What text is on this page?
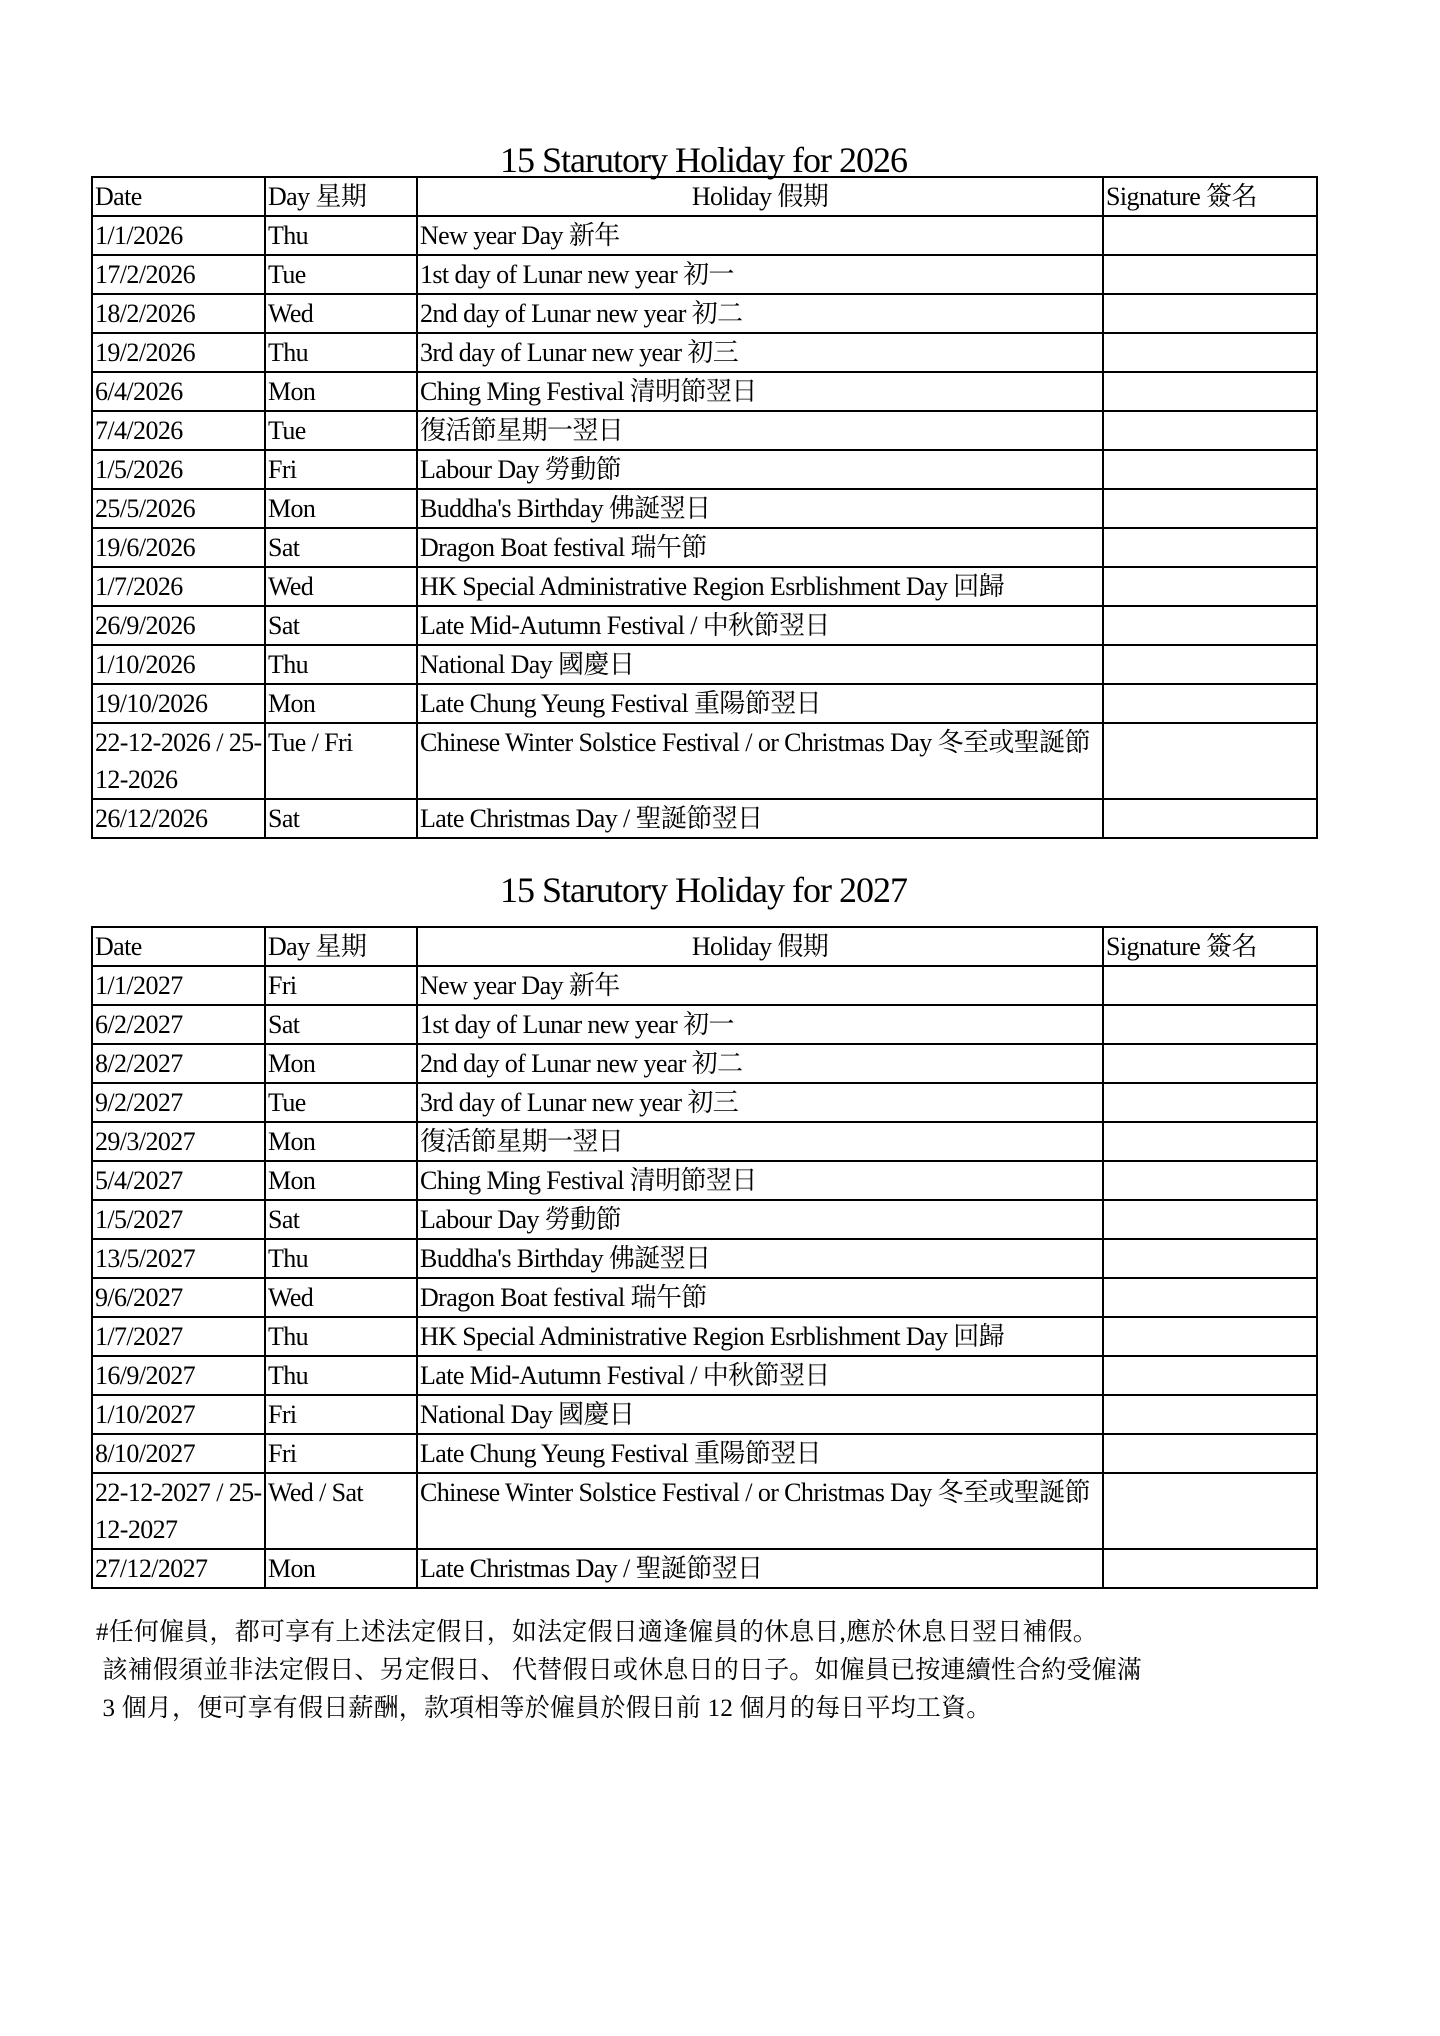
15 Starutory Holiday for 2026
Date	Day 星期	Holiday 假期	Signature 簽名
1/1/2026	Thu	New year Day 新年	
17/2/2026	Tue	1st day of Lunar new year 初一	
18/2/2026	Wed	2nd day of Lunar new year 初二	
19/2/2026	Thu	3rd day of Lunar new year 初三	
6/4/2026	Mon	Ching Ming Festival 清明節翌日	
7/4/2026	Tue	復活節星期一翌日	
1/5/2026	Fri	Labour Day 勞動節	
25/5/2026	Mon	Buddha's Birthday 佛誕翌日	
19/6/2026	Sat	Dragon Boat festival 瑞午節	
1/7/2026	Wed	HK Special Administrative Region Esrblishment Day 回歸	
26/9/2026	Sat	Late Mid-Autumn Festival / 中秋節翌日	
1/10/2026	Thu	National Day 國慶日	
19/10/2026	Mon	Late Chung Yeung Festival 重陽節翌日	
22-12-2026 / 25-12-2026	Tue / Fri	Chinese Winter Solstice Festival / or Christmas Day 冬至或聖誕節	
26/12/2026	Sat	Late Christmas Day / 聖誕節翌日	
15 Starutory Holiday for 2027
Date	Day 星期	Holiday 假期	Signature 簽名
1/1/2027	Fri	New year Day 新年	
6/2/2027	Sat	1st day of Lunar new year 初一	
8/2/2027	Mon	2nd day of Lunar new year 初二	
9/2/2027	Tue	3rd day of Lunar new year 初三	
29/3/2027	Mon	復活節星期一翌日	
5/4/2027	Mon	Ching Ming Festival 清明節翌日	
1/5/2027	Sat	Labour Day 勞動節	
13/5/2027	Thu	Buddha's Birthday 佛誕翌日	
9/6/2027	Wed	Dragon Boat festival 瑞午節	
1/7/2027	Thu	HK Special Administrative Region Esrblishment Day 回歸	
16/9/2027	Thu	Late Mid-Autumn Festival / 中秋節翌日	
1/10/2027	Fri	National Day 國慶日	
8/10/2027	Fri	Late Chung Yeung Festival 重陽節翌日	
22-12-2027 / 25-12-2027	Wed / Sat	Chinese Winter Solstice Festival / or Christmas Day 冬至或聖誕節	
27/12/2027	Mon	Late Christmas Day / 聖誕節翌日	
#任何僱員，都可享有上述法定假日，如法定假日適逢僱員的休息日,應於休息日翌日補假。
該補假須並非法定假日、另定假日、 代替假日或休息日的日子。如僱員已按連續性合約受僱滿
3 個月，便可享有假日薪酬，款項相等於僱員於假日前 12 個月的每日平均工資。
